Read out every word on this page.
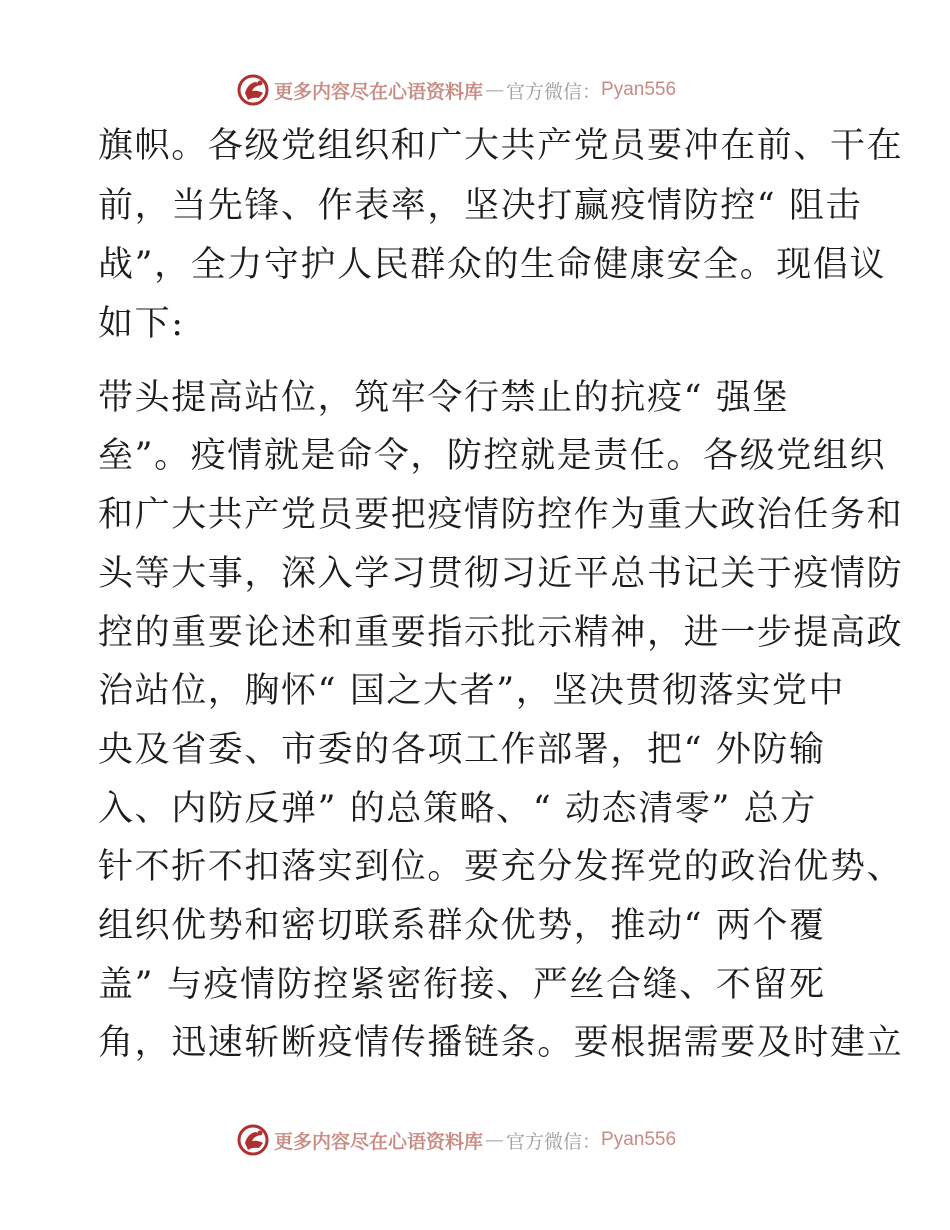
更多内容尽在心语资料库 — 官方微信： Pyan556
旗帜。各级党组织和广大共产党员要冲在前、干在
前，当先锋、作表率，坚决打赢疫情防控“ 阻击
战”，全力守护人民群众的生命健康安全。现倡议
如下:
带头提高站位，筑牢令行禁止的抗疫“ 强堡
垒”。疫情就是命令，防控就是责任。各级党组织
和广大共产党员要把疫情防控作为重大政治任务和
头等大事，深入学习贯彻习近平总书记关于疫情防
控的重要论述和重要指示批示精神，进一步提高政
治站位，胸怀“ 国之大者”，坚决贯彻落实党中
央及省委、市委的各项工作部署，把“ 外防输
入、内防反弹” 的总策略、“ 动态清零” 总方
针不折不扣落实到位。要充分发挥党的政治优势、
组织优势和密切联系群众优势，推动“ 两个覆
盖” 与疫情防控紧密衔接、严丝合缝、不留死
角，迅速斩断疫情传播链条。要根据需要及时建立
更多内容尽在心语资料库 — 官方微信： Pyan556
